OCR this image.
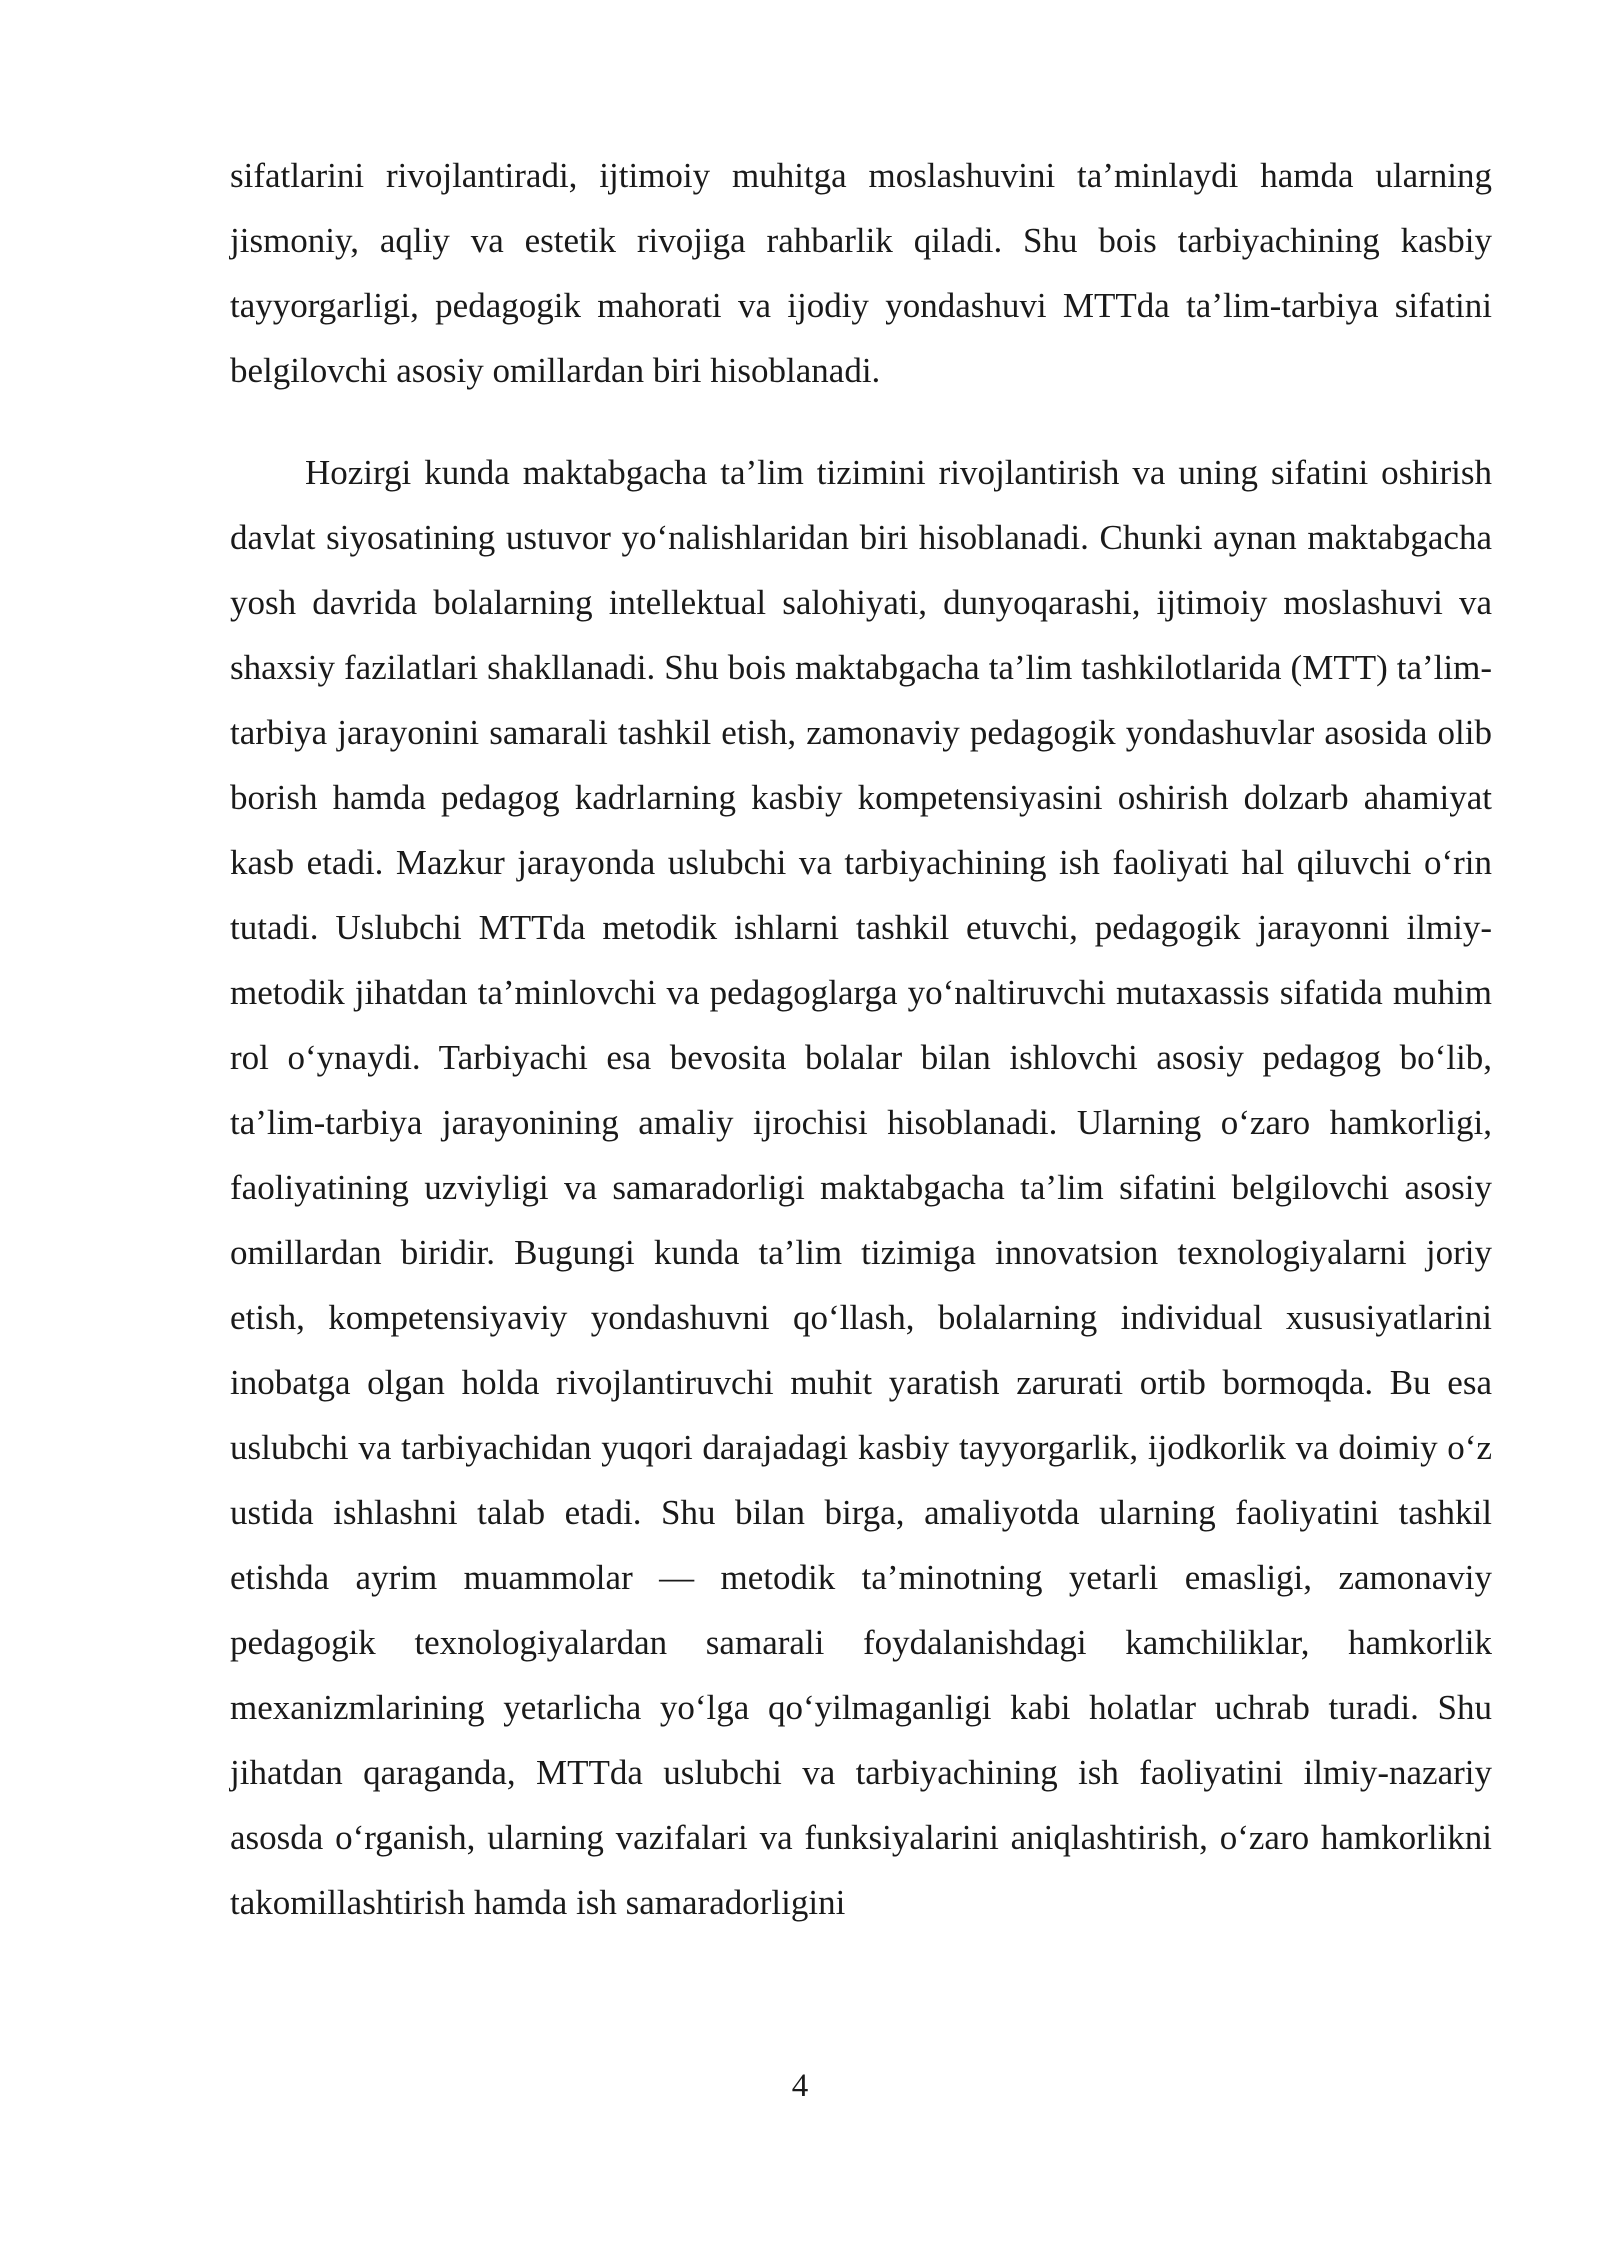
sifatlarini rivojlantiradi, ijtimoiy muhitga moslashuvini ta’minlaydi hamda ularning jismoniy, aqliy va estetik rivojiga rahbarlik qiladi. Shu bois tarbiyachining kasbiy tayyorgarligi, pedagogik mahorati va ijodiy yondashuvi MTTda ta’lim-tarbiya sifatini belgilovchi asosiy omillardan biri hisoblanadi.

Hozirgi kunda maktabgacha ta’lim tizimini rivojlantirish va uning sifatini oshirish davlat siyosatining ustuvor yo‘nalishlaridan biri hisoblanadi. Chunki aynan maktabgacha yosh davrida bolalarning intellektual salohiyati, dunyoqarashi, ijtimoiy moslashuvi va shaxsiy fazilatlari shakllanadi. Shu bois maktabgacha ta’lim tashkilotlarida (MTT) ta’lim-tarbiya jarayonini samarali tashkil etish, zamonaviy pedagogik yondashuvlar asosida olib borish hamda pedagog kadrlarning kasbiy kompetensiyasini oshirish dolzarb ahamiyat kasb etadi. Mazkur jarayonda uslubchi va tarbiyachining ish faoliyati hal qiluvchi o‘rin tutadi. Uslubchi MTTda metodik ishlarni tashkil etuvchi, pedagogik jarayonni ilmiy-metodik jihatdan ta’minlovchi va pedagoglarga yo‘naltiruvchi mutaxassis sifatida muhim rol o‘ynaydi. Tarbiyachi esa bevosita bolalar bilan ishlovchi asosiy pedagog bo‘lib, ta’lim-tarbiya jarayonining amaliy ijrochisi hisoblanadi. Ularning o‘zaro hamkorligi, faoliyatining uzviyligi va samaradorligi maktabgacha ta’lim sifatini belgilovchi asosiy omillardan biridir. Bugungi kunda ta’lim tizimiga innovatsion texnologiyalarni joriy etish, kompetensiyaviy yondashuvni qo‘llash, bolalarning individual xususiyatlarini inobatga olgan holda rivojlantiruvchi muhit yaratish zarurati ortib bormoqda. Bu esa uslubchi va tarbiyachidan yuqori darajadagi kasbiy tayyorgarlik, ijodkorlik va doimiy o‘z ustida ishlashni talab etadi. Shu bilan birga, amaliyotda ularning faoliyatini tashkil etishda ayrim muammolar — metodik ta’minotning yetarli emasligi, zamonaviy pedagogik texnologiyalardan samarali foydalanishdagi kamchiliklar, hamkorlik mexanizmlarining yetarlicha yo‘lga qo‘yilmaganligi kabi holatlar uchrab turadi. Shu jihatdan qaraganda, MTTda uslubchi va tarbiyachining ish faoliyatini ilmiy-nazariy asosda o‘rganish, ularning vazifalari va funksiyalarini aniqlashtirish, o‘zaro hamkorlikni takomillashtirish hamda ish samaradorligini

4
